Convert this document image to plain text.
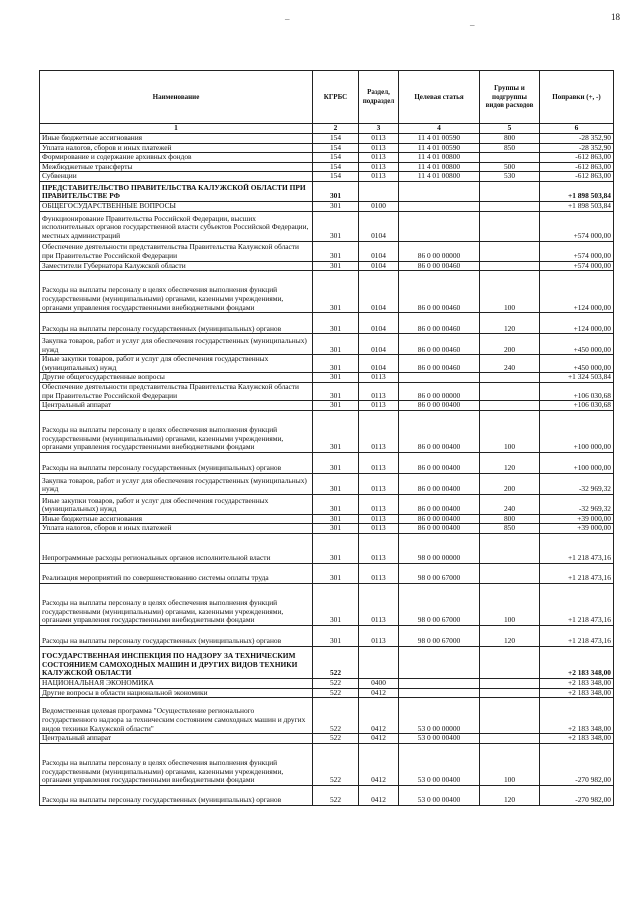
18
–
–
Наименование	КГРБС	Раздел, подраздел	Целевая статья	Группы и подгруппы видов расходов	Поправки (+, -)
1	2	3	4	5	6
Иные бюджетные ассигнования	154	0113	11 4 01 00590	800	-28 352,90
Уплата налогов, сборов и иных платежей	154	0113	11 4 01 00590	850	-28 352,90
Формирование и содержание архивных фондов	154	0113	11 4 01 00800		-612 863,00
Межбюджетные трансферты	154	0113	11 4 01 00800	500	-612 863,00
Субвенции	154	0113	11 4 01 00800	530	-612 863,00
ПРЕДСТАВИТЕЛЬСТВО ПРАВИТЕЛЬСТВА КАЛУЖСКОЙ ОБЛАСТИ ПРИ ПРАВИТЕЛЬСТВЕ РФ	301				+1 898 503,84
ОБЩЕГОСУДАРСТВЕННЫЕ ВОПРОСЫ	301	0100			+1 898 503,84
Функционирование Правительства Российской Федерации, высших исполнительных органов государственной власти субъектов Российской Федерации, местных администраций	301	0104			+574 000,00
Обеспечение деятельности представительства Правительства Калужской области при Правительстве Российской Федерации	301	0104	86 0 00 00000		+574 000,00
Заместители Губернатора Калужской области	301	0104	86 0 00 00460		+574 000,00
Расходы на выплаты персоналу в целях обеспечения выполнения функций государственными (муниципальными) органами, казенными учреждениями, органами управления государственными внебюджетными фондами	301	0104	86 0 00 00460	100	+124 000,00
Расходы на выплаты персоналу государственных (муниципальных) органов	301	0104	86 0 00 00460	120	+124 000,00
Закупка товаров, работ и услуг для обеспечения государственных (муниципальных) нужд	301	0104	86 0 00 00460	200	+450 000,00
Иные закупки товаров, работ и услуг для обеспечения государственных (муниципальных) нужд	301	0104	86 0 00 00460	240	+450 000,00
Другие общегосударственные вопросы	301	0113			+1 324 503,84
Обеспечение деятельности представительства Правительства Калужской области при Правительстве Российской Федерации	301	0113	86 0 00 00000		+106 030,68
Центральный аппарат	301	0113	86 0 00 00400		+106 030,68
Расходы на выплаты персоналу в целях обеспечения выполнения функций государственными (муниципальными) органами, казенными учреждениями, органами управления государственными внебюджетными фондами	301	0113	86 0 00 00400	100	+100 000,00
Расходы на выплаты персоналу государственных (муниципальных) органов	301	0113	86 0 00 00400	120	+100 000,00
Закупка товаров, работ и услуг для обеспечения государственных (муниципальных) нужд	301	0113	86 0 00 00400	200	-32 969,32
Иные закупки товаров, работ и услуг для обеспечения государственных (муниципальных) нужд	301	0113	86 0 00 00400	240	-32 969,32
Иные бюджетные ассигнования	301	0113	86 0 00 00400	800	+39 000,00
Уплата налогов, сборов и иных платежей	301	0113	86 0 00 00400	850	+39 000,00
Непрограммные расходы региональных органов исполнительной власти	301	0113	98 0 00 00000		+1 218 473,16
Реализация мероприятий по совершенствованию системы оплаты труда	301	0113	98 0 00 67000		+1 218 473,16
Расходы на выплаты персоналу в целях обеспечения выполнения функций государственными (муниципальными) органами, казенными учреждениями, органами управления государственными внебюджетными фондами	301	0113	98 0 00 67000	100	+1 218 473,16
Расходы на выплаты персоналу государственных (муниципальных) органов	301	0113	98 0 00 67000	120	+1 218 473,16
ГОСУДАРСТВЕННАЯ ИНСПЕКЦИЯ ПО НАДЗОРУ ЗА ТЕХНИЧЕСКИМ СОСТОЯНИЕМ САМОХОДНЫХ МАШИН И ДРУГИХ ВИДОВ ТЕХНИКИ КАЛУЖСКОЙ ОБЛАСТИ	522				+2 183 348,00
НАЦИОНАЛЬНАЯ ЭКОНОМИКА	522	0400			+2 183 348,00
Другие вопросы в области национальной экономики	522	0412			+2 183 348,00
Ведомственная целевая программа "Осуществление регионального государственного надзора за техническим состоянием самоходных машин и других видов техники Калужской области"	522	0412	53 0 00 00000		+2 183 348,00
Центральный аппарат	522	0412	53 0 00 00400		+2 183 348,00
Расходы на выплаты персоналу в целях обеспечения выполнения функций государственными (муниципальными) органами, казенными учреждениями, органами управления государственными внебюджетными фондами	522	0412	53 0 00 00400	100	-270 982,00
Расходы на выплаты персоналу государственных (муниципальных) органов	522	0412	53 0 00 00400	120	-270 982,00
